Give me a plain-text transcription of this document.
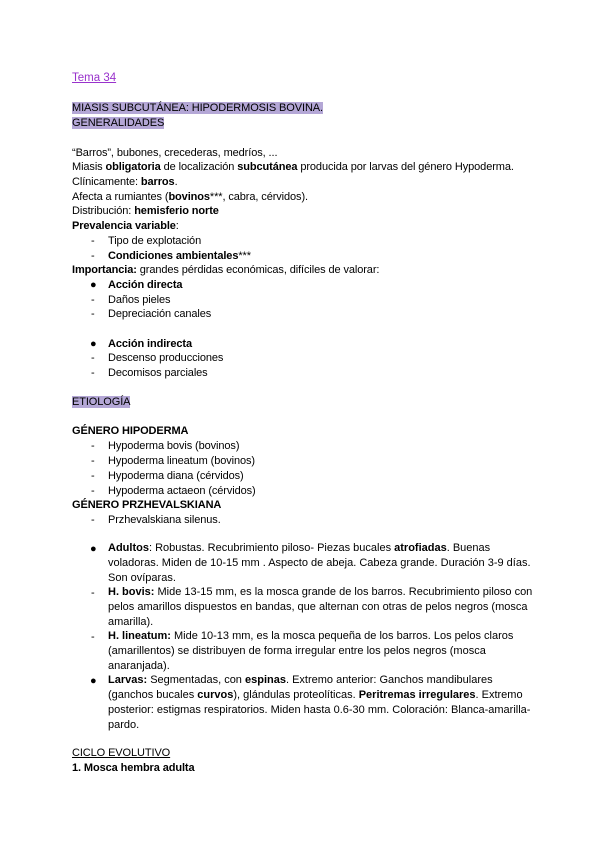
Tema 34
MIASIS SUBCUTÁNEA: HIPODERMOSIS BOVINA.
GENERALIDADES
“Barros”, bubones, crecederas, medríos, ...
Miasis obligatoria de localización subcutánea producida por larvas del género Hypoderma.
Clínicamente: barros.
Afecta a rumiantes (bovinos***, cabra, cérvidos).
Distribución: hemisferio norte
Prevalencia variable:
- Tipo de explotación
- Condiciones ambientales***
Importancia: grandes pérdidas económicas, difíciles de valorar:
● Acción directa
- Daños pieles
- Depreciación canales
● Acción indirecta
- Descenso producciones
- Decomisos parciales
ETIOLOGÍA
GÉNERO HIPODERMA
- Hypoderma bovis (bovinos)
- Hypoderma lineatum (bovinos)
- Hypoderma diana (cérvidos)
- Hypoderma actaeon (cérvidos)
GÉNERO PRZHEVALSKIANA
- Przhevalskiana silenus.
● Adultos: Robustas. Recubrimiento piloso- Piezas bucales atrofiadas. Buenas voladoras. Miden de 10-15 mm . Aspecto de abeja. Cabeza grande. Duración 3-9 días. Son ovíparas.
- H. bovis: Mide 13-15 mm, es la mosca grande de los barros. Recubrimiento piloso con pelos amarillos dispuestos en bandas, que alternan con otras de pelos negros (mosca amarilla).
- H. lineatum: Mide 10-13 mm, es la mosca pequeña de los barros. Los pelos claros (amarillentos) se distribuyen de forma irregular entre los pelos negros (mosca anaranjada).
● Larvas: Segmentadas, con espinas. Extremo anterior: Ganchos mandibulares (ganchos bucales curvos), glándulas proteolíticas. Peritremas irregulares. Extremo posterior: estigmas respiratorios. Miden hasta 0.6-30 mm. Coloración: Blanca-amarilla-pardo.
CICLO EVOLUTIVO
1. Mosca hembra adulta
